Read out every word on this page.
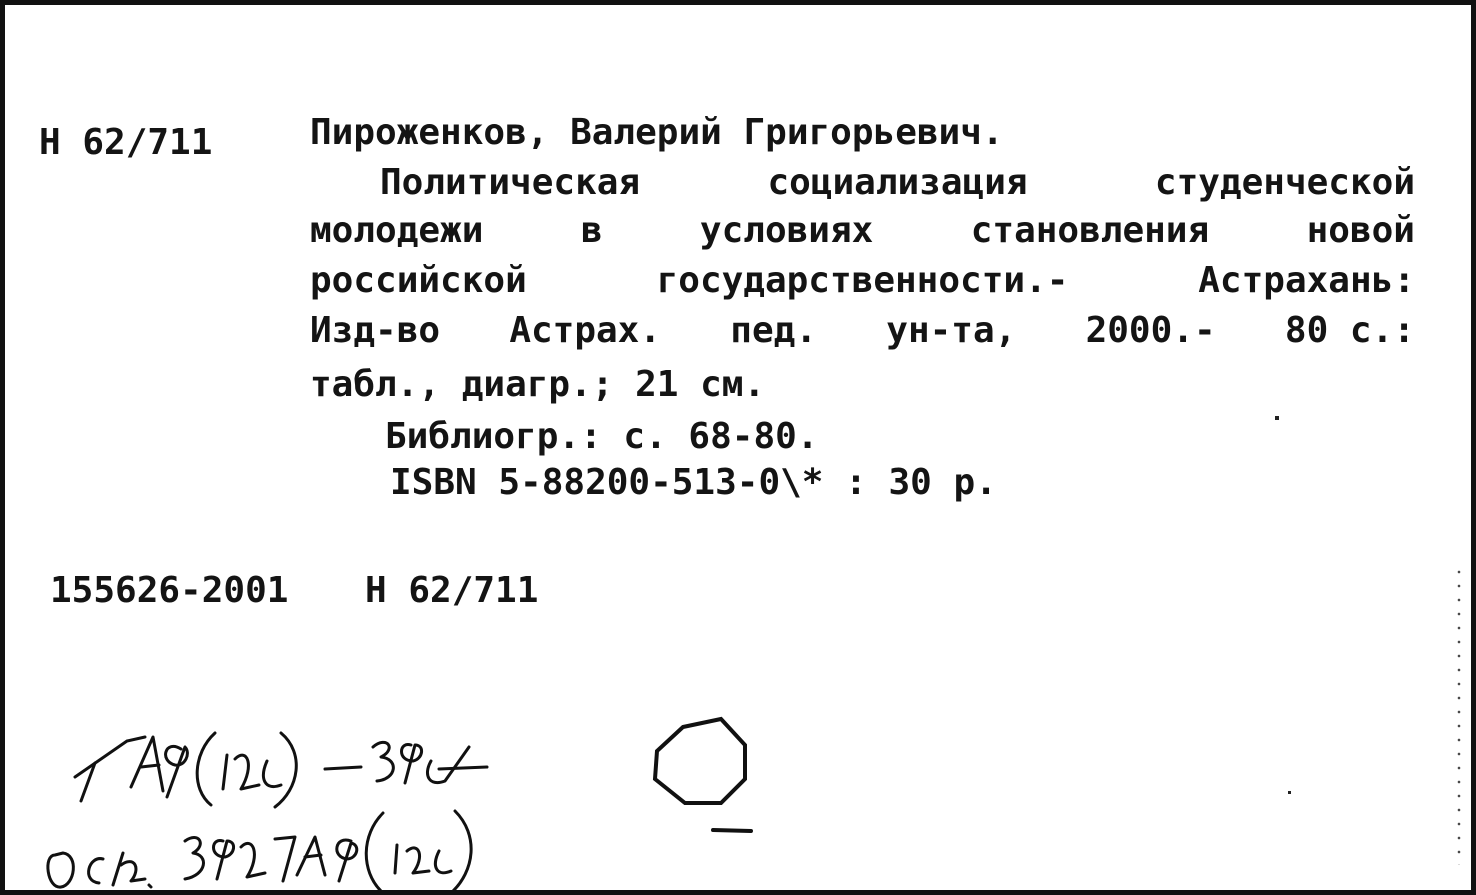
Н 62/711	Пироженков, Валерий Григорьевич.
Политическая	социализация	студенческой
молодежи	в	условиях	становления	новой
российской	государственности.-	Астрахань:
Изд-во Астрах. пед. ун-та, 2000.- 80 с.:
табл., диагр.; 21 см.
Библиогр.: с. 68-80.
ISBN 5-88200-513-0\* : 30 р.
155626-2001 Н 62/711
